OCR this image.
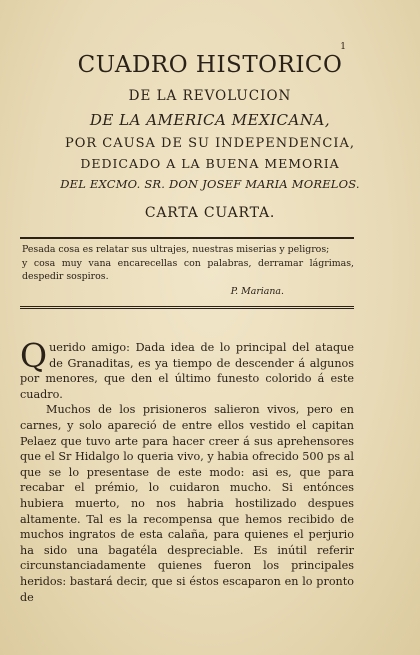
1
CUADRO HISTORICO
DE LA REVOLUCION
DE LA AMERICA MEXICANA,
POR CAUSA DE SU INDEPENDENCIA,
DEDICADO A LA BUENA MEMORIA
DEL EXCMO. SR. DON JOSEF MARIA MORELOS.
CARTA CUARTA.
Pesada cosa es relatar sus ultrajes, nuestras miserias y peligros;
y cosa muy vana encarecellas con palabras, derramar lágrimas, despedir sospiros.
P. Mariana.
Q uerido amigo: Dada idea de lo principal del ataque de Granaditas, es ya tiempo de descender á algunos por menores, que den el último funesto colorido á este cuadro.
Muchos de los prisioneros salieron vivos, pero en carnes, y solo apareció de entre ellos vestido el capitan Pelaez que tuvo arte para hacer creer á sus aprehensores que el Sr Hidalgo lo queria vivo, y habia ofrecido 500 ps al que se lo presentase de este modo: asi es, que para recabar el prémio, lo cuidaron mucho. Si entónces hubiera muerto, no nos habria hostilizado despues altamente. Tal es la recompensa que hemos recibido de muchos ingratos de esta calaña, para quienes el perjurio ha sido una bagatéla despreciable. Es inútil referir circunstanciadamente quienes fueron los principales heridos: bastará decir, que si éstos escaparon en lo pronto de
